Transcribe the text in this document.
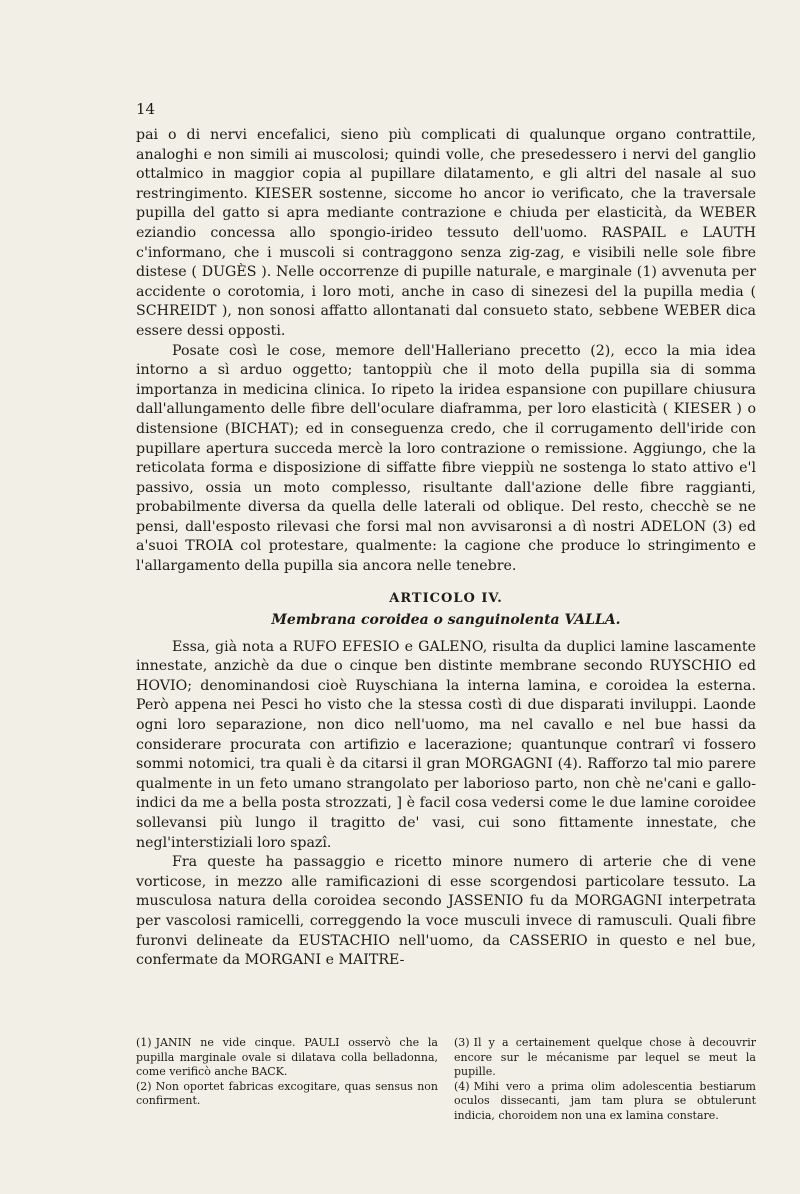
14

pai o di nervi encefalici, sieno più complicati di qualunque organo contrattile, analoghi e non simili ai muscolosi; quindi volle, che presedessero i nervi del ganglio ottalmico in maggior copia al pupillare dilatamento, e gli altri del nasale al suo restringimento. KIESER sostenne, siccome ho ancor io verificato, che la traversale pupilla del gatto si apra mediante contrazione e chiuda per elasticità, da WEBER eziandio concessa allo spongio-irideo tessuto dell'uomo. RASPAIL e LAUTH c'informano, che i muscoli si contraggono senza zig-zag, e visibili nelle sole fibre distese ( DUGÈS ). Nelle occorrenze di pupille naturale, e marginale (1) avvenuta per accidente o corotomia, i loro moti, anche in caso di sinezesi del la pupilla media ( SCHREIDT ), non sonosi affatto allontanati dal consueto stato, sebbene WEBER dica essere dessi opposti.

Posate così le cose, memore dell'Halleriano precetto (2), ecco la mia idea intorno a sì arduo oggetto; tantoppiù che il moto della pupilla sia di somma importanza in medicina clinica. Io ripeto la iridea espansione con pupillare chiusura dall'allungamento delle fibre dell'oculare diaframma, per loro elasticità ( KIESER ) o distensione (BICHAT); ed in conseguenza credo, che il corrugamento dell'iride con pupillare apertura succeda mercè la loro contrazione o remissione. Aggiungo, che la reticolata forma e disposizione di siffatte fibre vieppiù ne sostenga lo stato attivo e'l passivo, ossia un moto complesso, risultante dall'azione delle fibre raggianti, probabilmente diversa da quella delle laterali od oblique. Del resto, checchè se ne pensi, dall'esposto rilevasi che forsi mal non avvisaronsi a dì nostri ADELON (3) ed a'suoi TROIA col protestare, qualmente: la cagione che produce lo stringimento e l'allargamento della pupilla sia ancora nelle tenebre.

ARTICOLO IV.
Membrana coroidea o sanguinolenta VALLA.

Essa, già nota a RUFO EFESIO e GALENO, risulta da duplici lamine lascamente innestate, anzichè da due o cinque ben distinte membrane secondo RUYSCHIO ed HOVIO; denominandosi cioè Ruyschiana la interna lamina, e coroidea la esterna. Però appena nei Pesci ho visto che la stessa costì di due disparati inviluppi. Laonde ogni loro separazione, non dico nell'uomo, ma nel cavallo e nel bue hassi da considerare procurata con artifizio e lacerazione; quantunque contrarî vi fossero sommi notomici, tra quali è da citarsi il gran MORGAGNI (4). Rafforzo tal mio parere qualmente in un feto umano strangolato per laborioso parto, non chè ne'cani e gallo-indici da me a bella posta strozzati, ] è facil cosa vedersi come le due lamine coroidee sollevansi più lungo il tragitto de' vasi, cui sono fittamente innestate, che negl'interstiziali loro spazî.

Fra queste ha passaggio e ricetto minore numero di arterie che di vene vorticose, in mezzo alle ramificazioni di esse scorgendosi particolare tessuto. La musculosa natura della coroidea secondo JASSENIO fu da MORGAGNI interpetrata per vascolosi ramicelli, correggendo la voce musculi invece di ramusculi. Quali fibre furonvi delineate da EUSTACHIO nell'uomo, da CASSERIO in questo e nel bue, confermate da MORGANI e MAITRE-

(1) JANIN ne vide cinque. PAULI osservò che la pupilla marginale ovale si dilatava colla belladonna, come verificò anche BACK.

(2) Non oportet fabricas excogitare, quas sensus non confirment.

(3) Il y a certainement quelque chose à decouvrir encore sur le mécanisme par lequel se meut la pupille.

(4) Mihi vero a prima olim adolescentia bestiarum oculos dissecanti, jam tam plura se obtulerunt indicia, choroidem non una ex lamina constare.
